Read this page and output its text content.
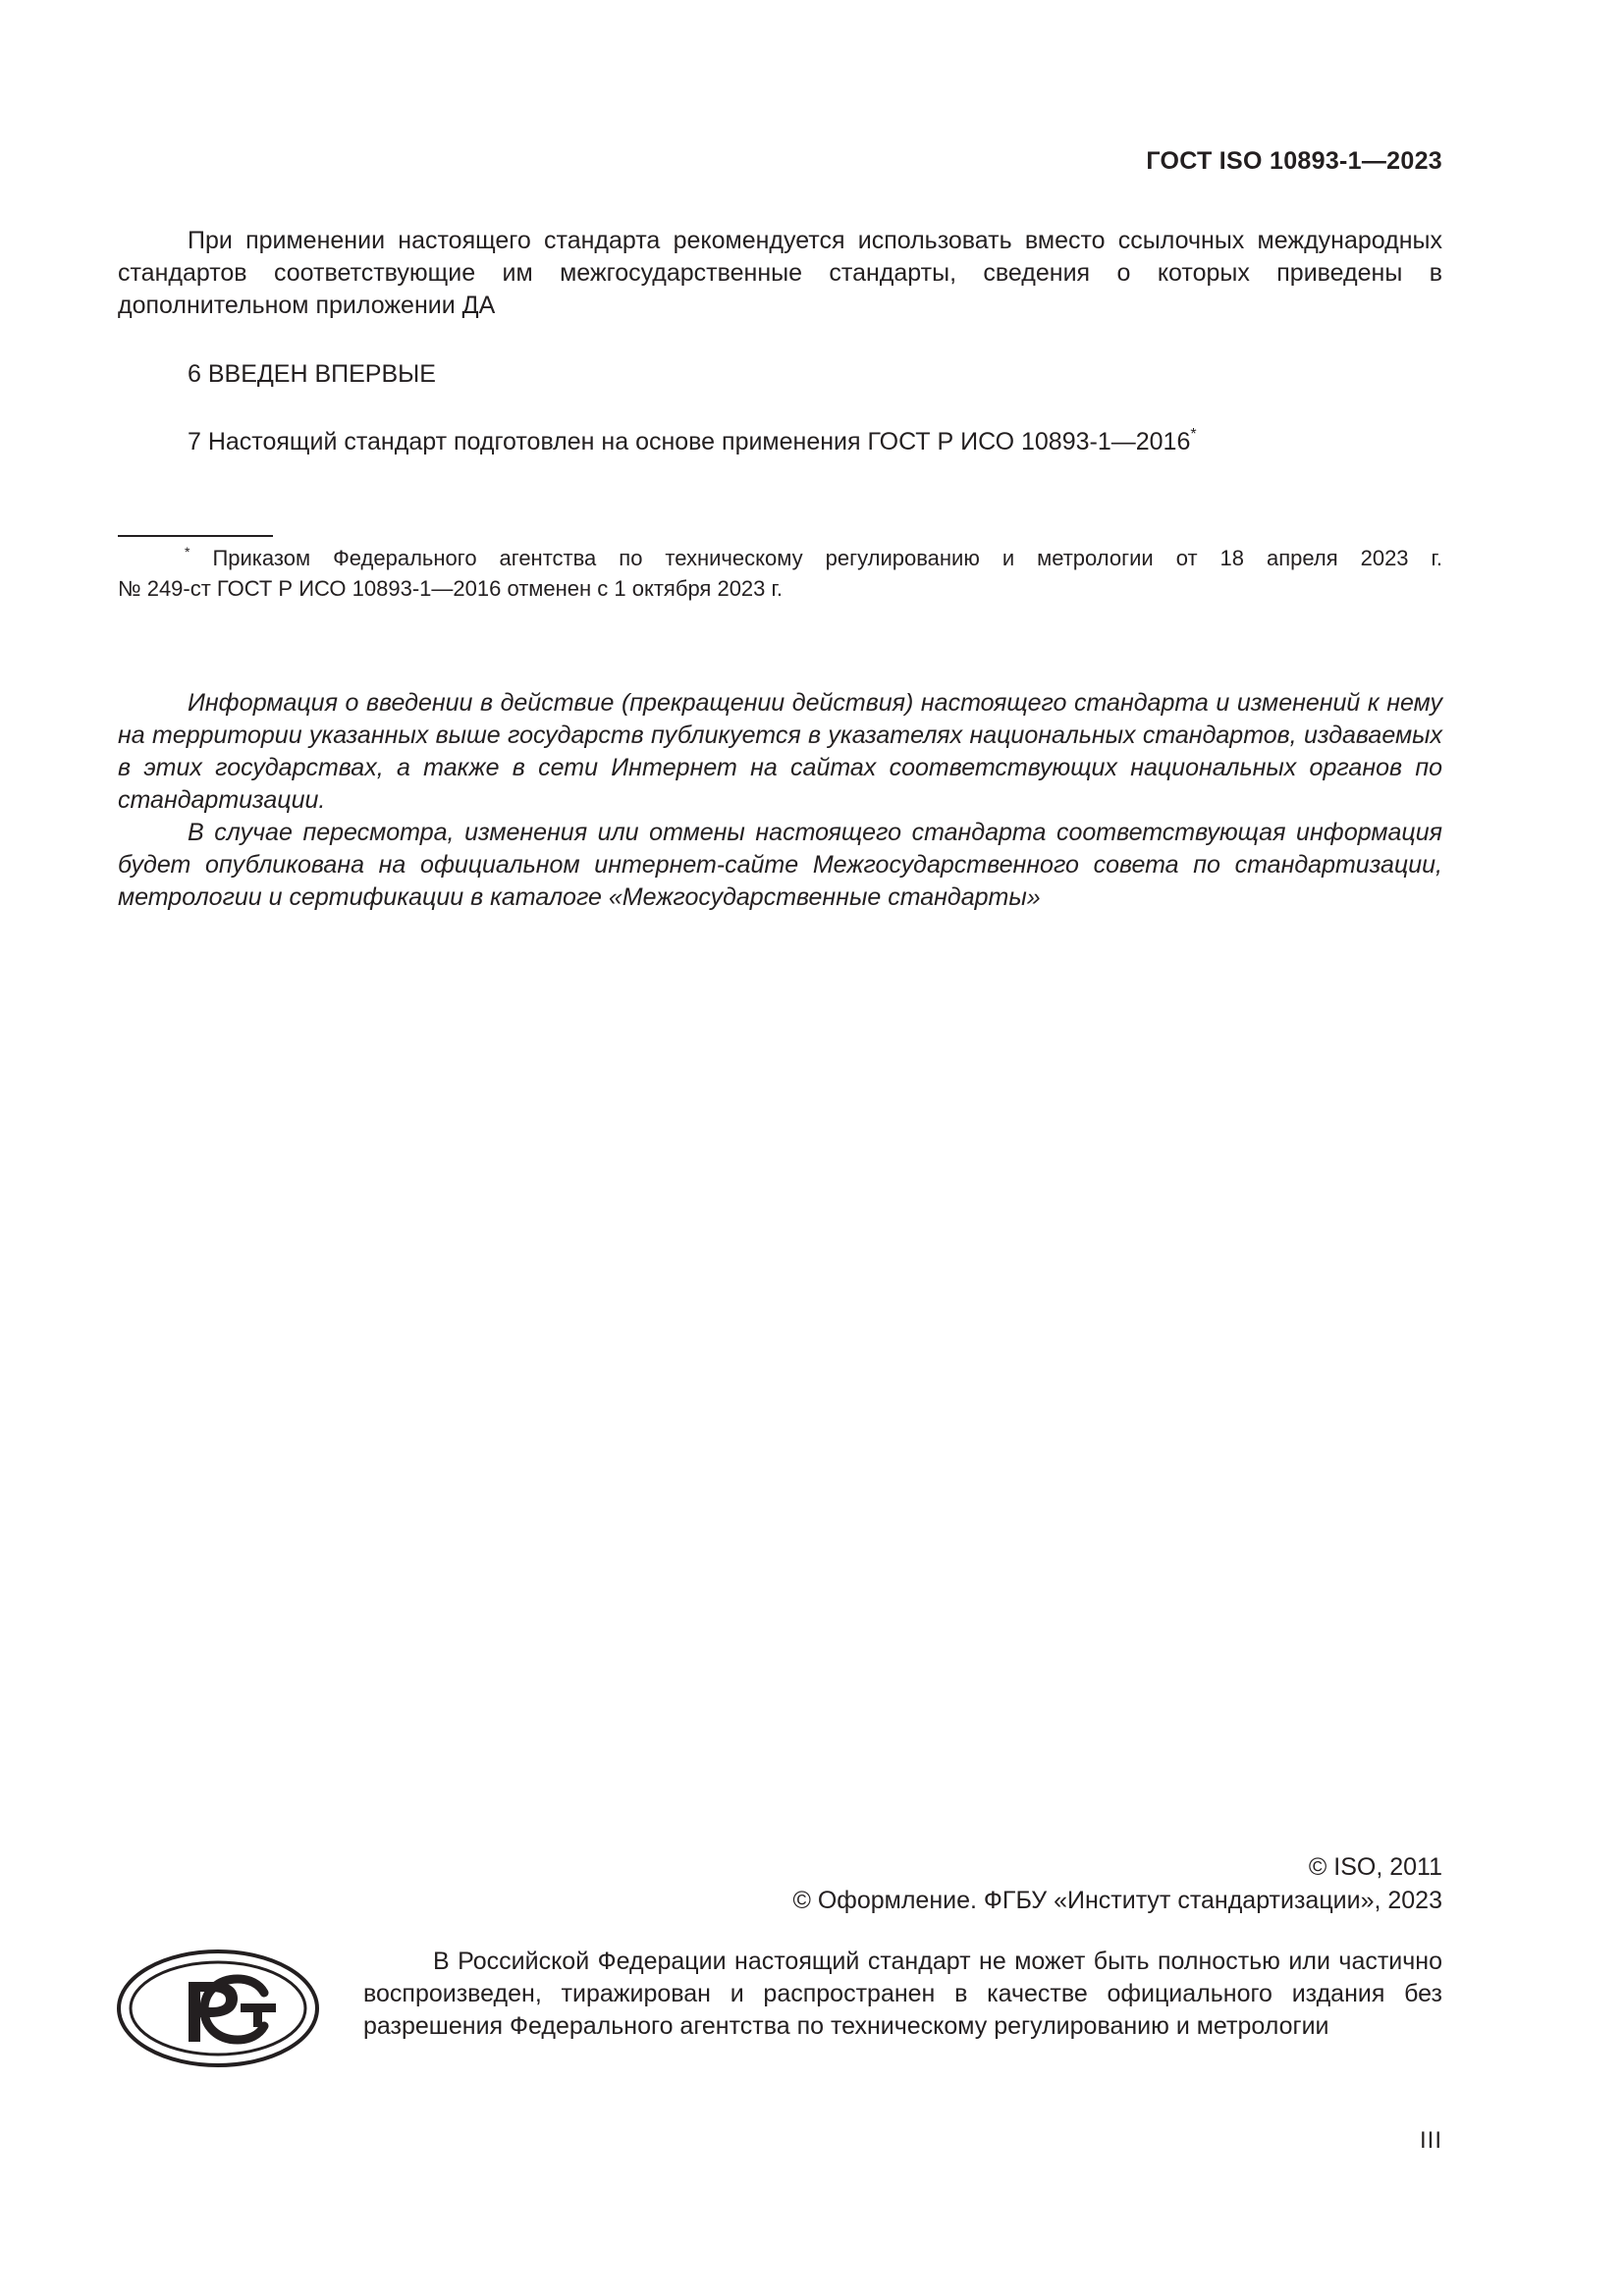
ГОСТ ISO 10893-1—2023

При применении настоящего стандарта рекомендуется использовать вместо ссылочных международных стандартов соответствующие им межгосударственные стандарты, сведения о которых приведены в дополнительном приложении ДА

6 ВВЕДЕН ВПЕРВЫЕ

7 Настоящий стандарт подготовлен на основе применения ГОСТ Р ИСО 10893-1—2016*

* Приказом Федерального агентства по техническому регулированию и метрологии от 18 апреля 2023 г.

№ 249-ст ГОСТ Р ИСО 10893-1—2016 отменен с 1 октября 2023 г.

Информация о введении в действие (прекращении действия) настоящего стандарта и изменений к нему на территории указанных выше государств публикуется в указателях национальных стандартов, издаваемых в этих государствах, а также в сети Интернет на сайтах соответствующих национальных органов по стандартизации.

В случае пересмотра, изменения или отмены настоящего стандарта соответствующая информация будет опубликована на официальном интернет-сайте Межгосударственного совета по стандартизации, метрологии и сертификации в каталоге «Межгосударственные стандарты»

© ISO, 2011
© Оформление. ФГБУ «Институт стандартизации», 2023

В Российской Федерации настоящий стандарт не может быть полностью или частично воспроизведен, тиражирован и распространен в качестве официального издания без разрешения Федерального агентства по техническому регулированию и метрологии

III
